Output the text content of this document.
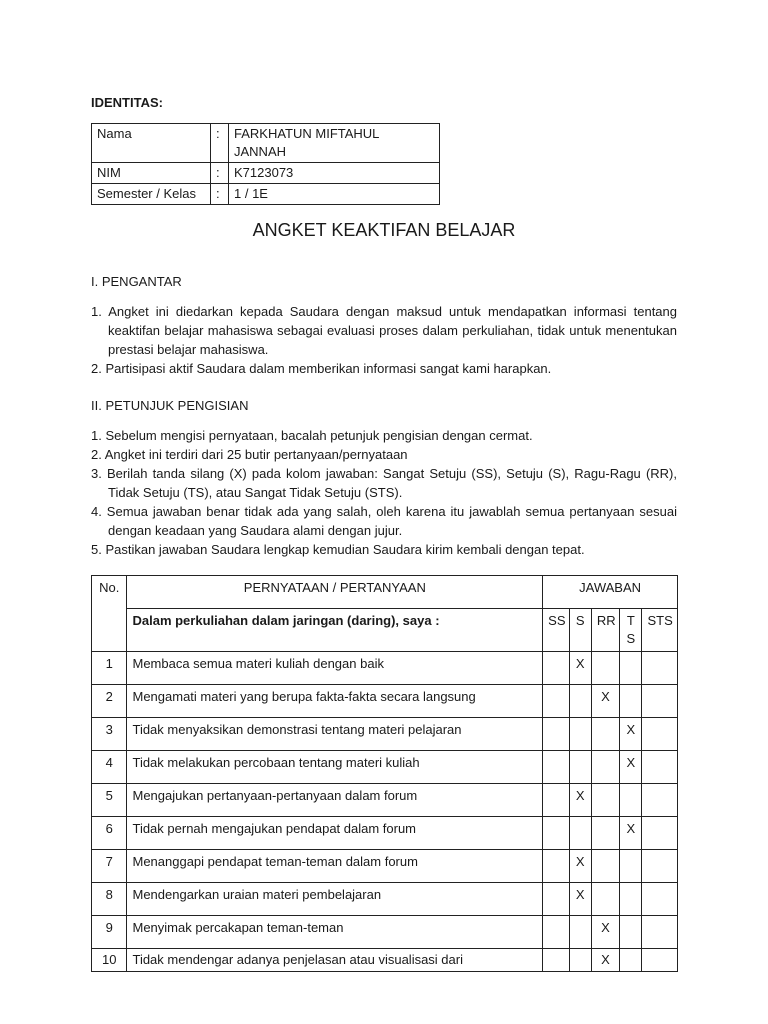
IDENTITAS:
Nama	:	FARKHATUN MIFTAHUL JANNAH
NIM	:	K7123073
Semester / Kelas	:	1 / 1E
ANGKET KEAKTIFAN BELAJAR
I. PENGANTAR
1. Angket ini diedarkan kepada Saudara dengan maksud untuk mendapatkan informasi tentang keaktifan belajar mahasiswa sebagai evaluasi proses dalam perkuliahan, tidak untuk menentukan prestasi belajar mahasiswa.
2. Partisipasi aktif Saudara dalam memberikan informasi sangat kami harapkan.
II. PETUNJUK PENGISIAN
1. Sebelum mengisi pernyataan, bacalah petunjuk pengisian dengan cermat.
2. Angket ini terdiri dari 25 butir pertanyaan/pernyataan
3. Berilah tanda silang (X) pada kolom jawaban: Sangat Setuju (SS), Setuju (S), Ragu-Ragu (RR), Tidak Setuju (TS), atau Sangat Tidak Setuju (STS).
4. Semua jawaban benar tidak ada yang salah, oleh karena itu jawablah semua pertanyaan sesuai dengan keadaan yang Saudara alami dengan jujur.
5. Pastikan jawaban Saudara lengkap kemudian Saudara kirim kembali dengan tepat.
No.	PERNYATAAN / PERTANYAAN	JAWABAN				
	Dalam perkuliahan dalam jaringan (daring), saya :	SS	S	RR	T S	STS
1	Membaca semua materi kuliah dengan baik		X			
2	Mengamati materi yang berupa fakta-fakta secara langsung			X		
3	Tidak menyaksikan demonstrasi tentang materi pelajaran				X	
4	Tidak melakukan percobaan tentang materi kuliah				X	
5	Mengajukan pertanyaan-pertanyaan dalam forum		X			
6	Tidak pernah mengajukan pendapat dalam forum				X	
7	Menanggapi pendapat teman-teman dalam forum		X			
8	Mendengarkan uraian materi pembelajaran		X			
9	Menyimak percakapan teman-teman			X		
10	Tidak mendengar adanya penjelasan atau visualisasi dari			X		
